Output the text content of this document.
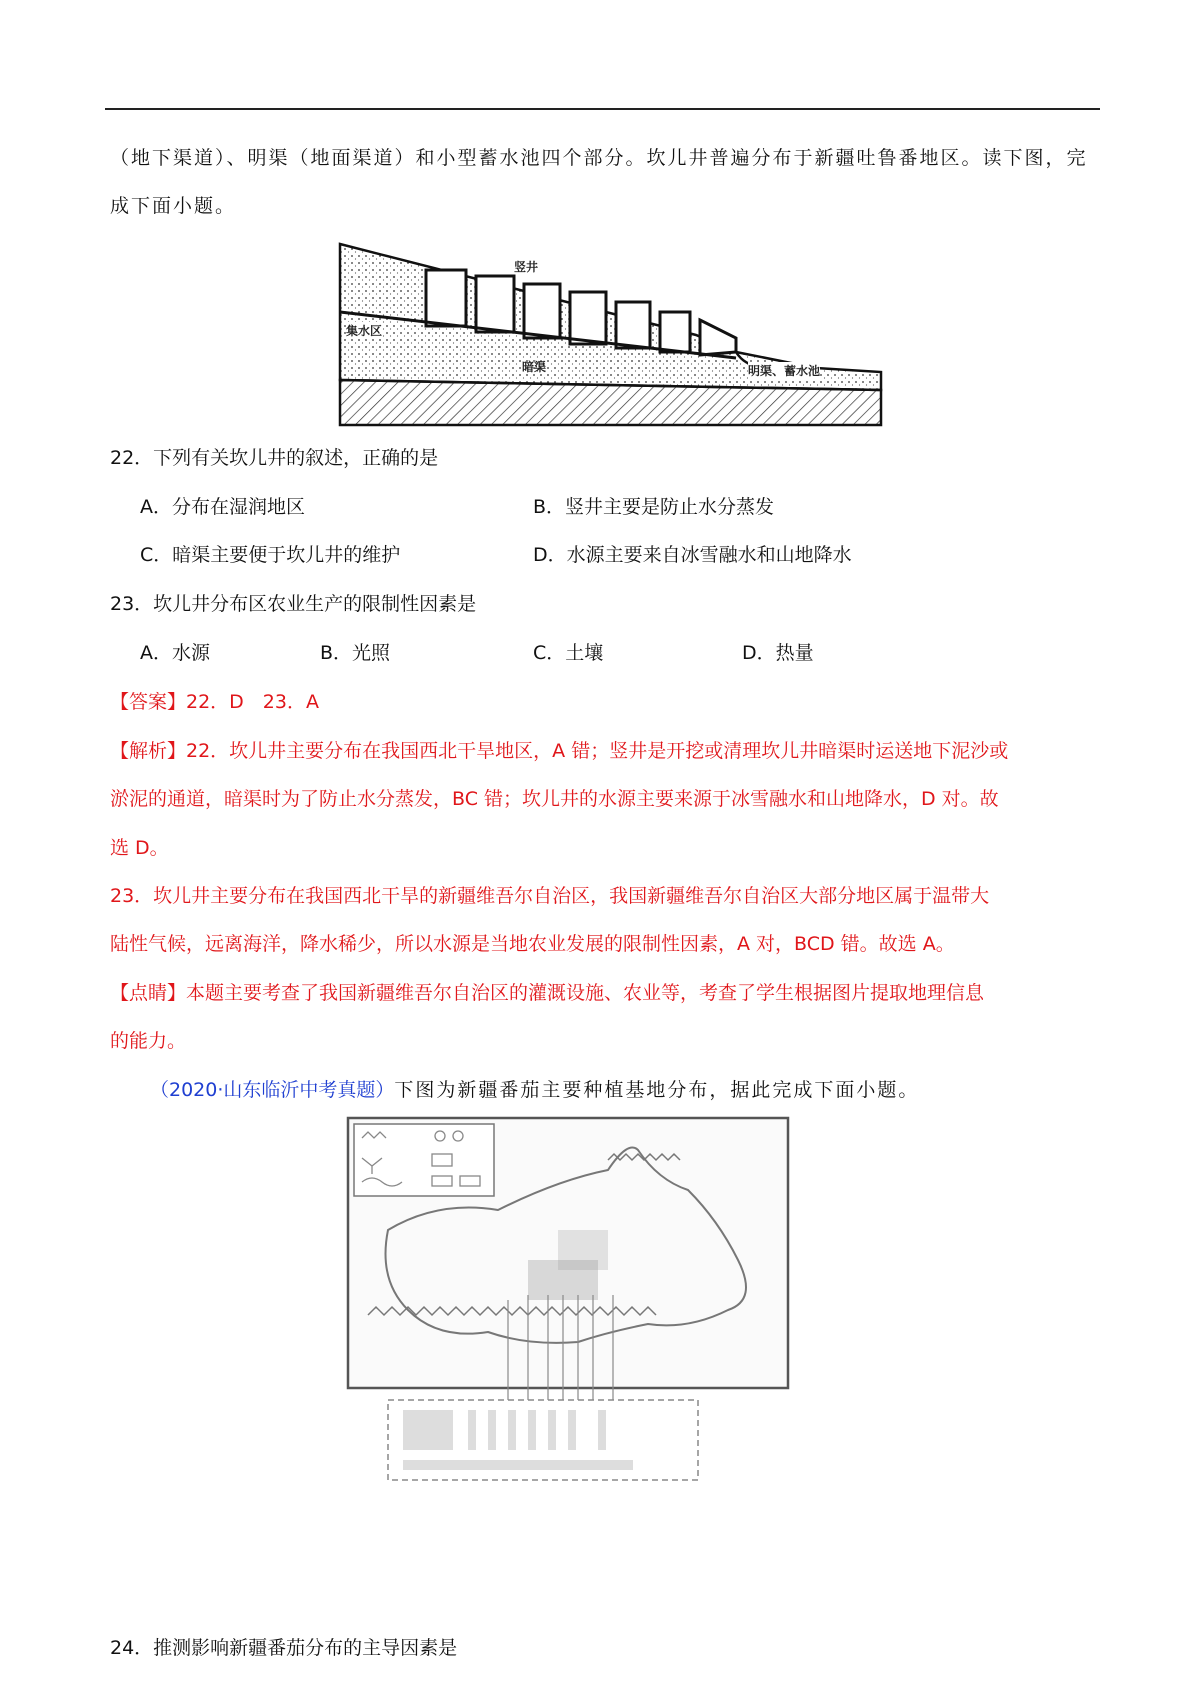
（地下渠道）、明渠（地面渠道）和小型蓄水池四个部分。坎儿井普遍分布于新疆吐鲁番地区。读下图，完
成下面小题。
竖井
集水区
暗渠	明渠、蓄水池
22．下列有关坎儿井的叙述，正确的是
A．分布在湿润地区	B．竖井主要是防止水分蒸发
C．暗渠主要便于坎儿井的维护	D．水源主要来自冰雪融水和山地降水
23．坎儿井分布区农业生产的限制性因素是
A．水源	B．光照	C．土壤	D．热量
【答案】22．D　23．A
【解析】22．坎儿井主要分布在我国西北干旱地区，A 错；竖井是开挖或清理坎儿井暗渠时运送地下泥沙或
淤泥的通道，暗渠时为了防止水分蒸发，BC 错；坎儿井的水源主要来源于冰雪融水和山地降水，D 对。故
选 D。
23．坎儿井主要分布在我国西北干旱的新疆维吾尔自治区，我国新疆维吾尔自治区大部分地区属于温带大
陆性气候，远离海洋，降水稀少，所以水源是当地农业发展的限制性因素，A 对，BCD 错。故选 A。
【点睛】本题主要考查了我国新疆维吾尔自治区的灌溉设施、农业等，考查了学生根据图片提取地理信息
的能力。
（2020·山东临沂中考真题）下图为新疆番茄主要种植基地分布，据此完成下面小题。
24．推测影响新疆番茄分布的主导因素是
